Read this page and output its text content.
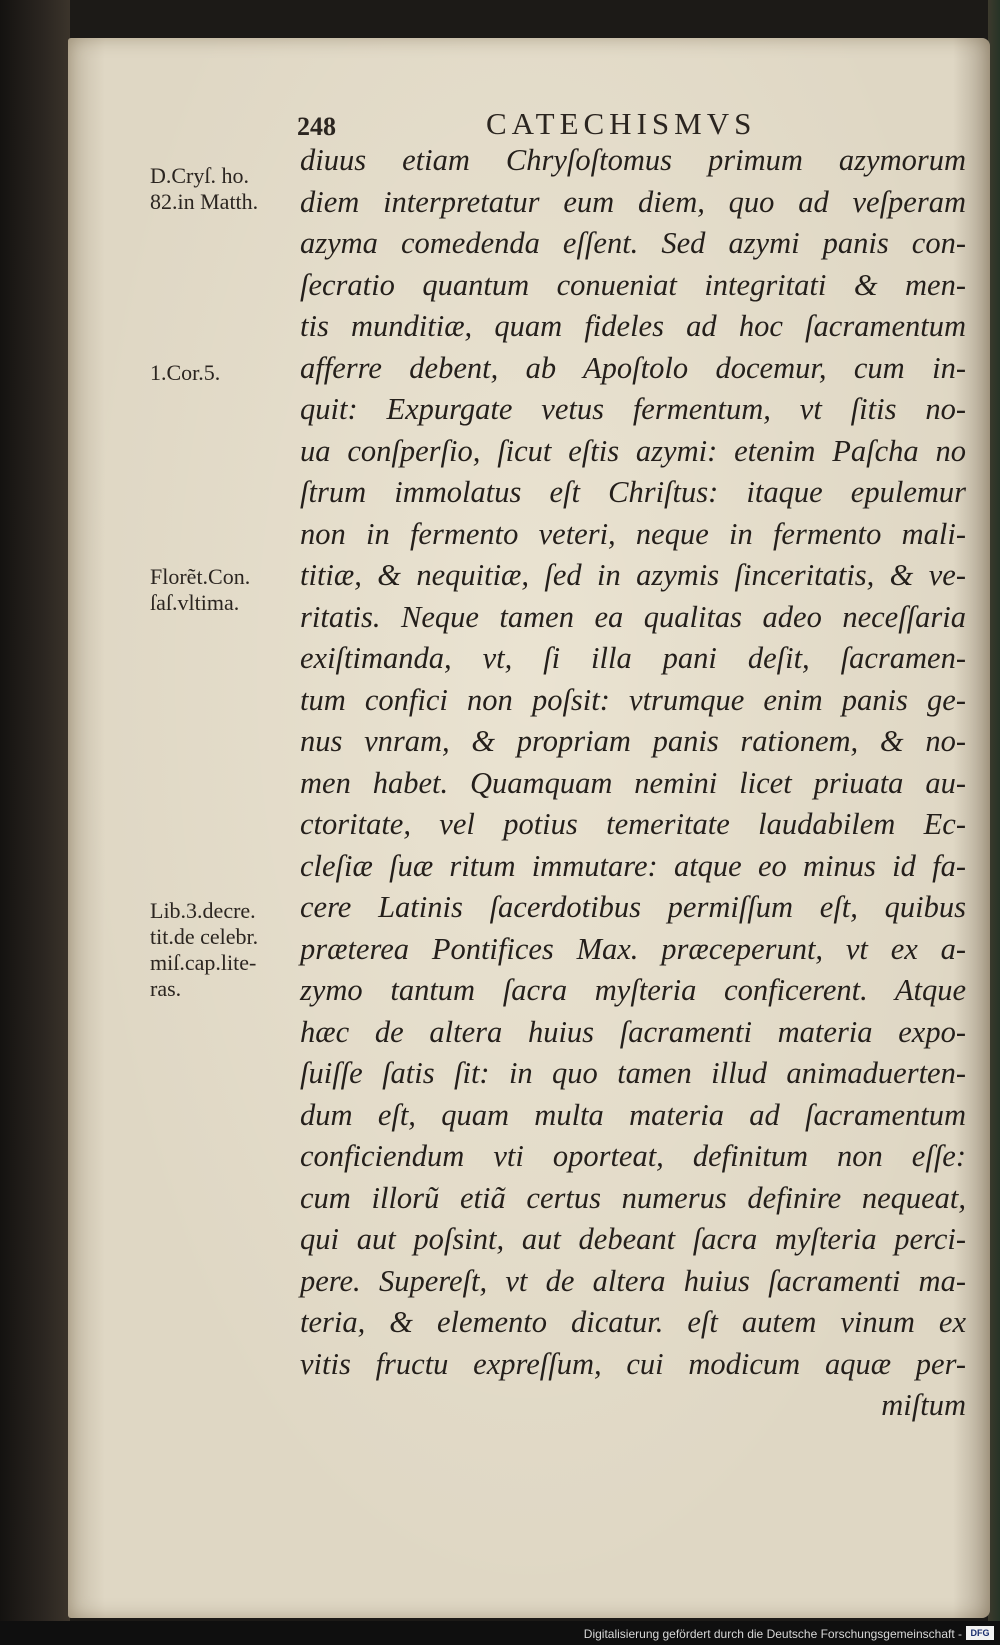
248	CATECHISMVS
D.Cryſ. ho.
82.in Matth.
1.Cor.5.
Florẽt.Con.
ſaſ.vltima.
Lib.3.decre.
tit.de celebr.
miſ.cap.lite-
ras.
diuus etiam Chryſoſtomus primum azymorum
diem interpretatur eum diem, quo ad veſperam
azyma comedenda eſſent. Sed azymi panis con-
ſecratio quantum conueniat integritati & men-
tis munditiæ, quam fideles ad hoc ſacramentum
afferre debent, ab Apoſtolo docemur, cum in-
quit: Expurgate vetus fermentum, vt ſitis no-
ua conſperſio, ſicut eſtis azymi: etenim Paſcha no
ſtrum immolatus eſt Chriſtus: itaque epulemur
non in fermento veteri, neque in fermento mali-
titiæ, & nequitiæ, ſed in azymis ſinceritatis, & ve-
ritatis. Neque tamen ea qualitas adeo neceſſaria
exiſtimanda, vt, ſi illa pani deſit, ſacramen-
tum confici non poſsit: vtrumque enim panis ge-
nus vnram, & propriam panis rationem, & no-
men habet. Quamquam nemini licet priuata au-
ctoritate, vel potius temeritate laudabilem Ec-
cleſiæ ſuæ ritum immutare: atque eo minus id fa-
cere Latinis ſacerdotibus permiſſum eſt, quibus
præterea Pontifices Max. præceperunt, vt ex a-
zymo tantum ſacra myſteria conficerent. Atque
hæc de altera huius ſacramenti materia expo-
ſuiſſe ſatis ſit: in quo tamen illud animaduerten-
dum eſt, quam multa materia ad ſacramentum
conficiendum vti oporteat, definitum non eſſe:
cum illorũ etiã certus numerus definire nequeat,
qui aut poſsint, aut debeant ſacra myſteria perci-
pere. Supereſt, vt de altera huius ſacramenti ma-
teria, & elemento dicatur. eſt autem vinum ex
vitis fructu expreſſum, cui modicum aquæ per-
miſtum
Digitalisierung gefördert durch die Deutsche Forschungsgemeinschaft - DFG
